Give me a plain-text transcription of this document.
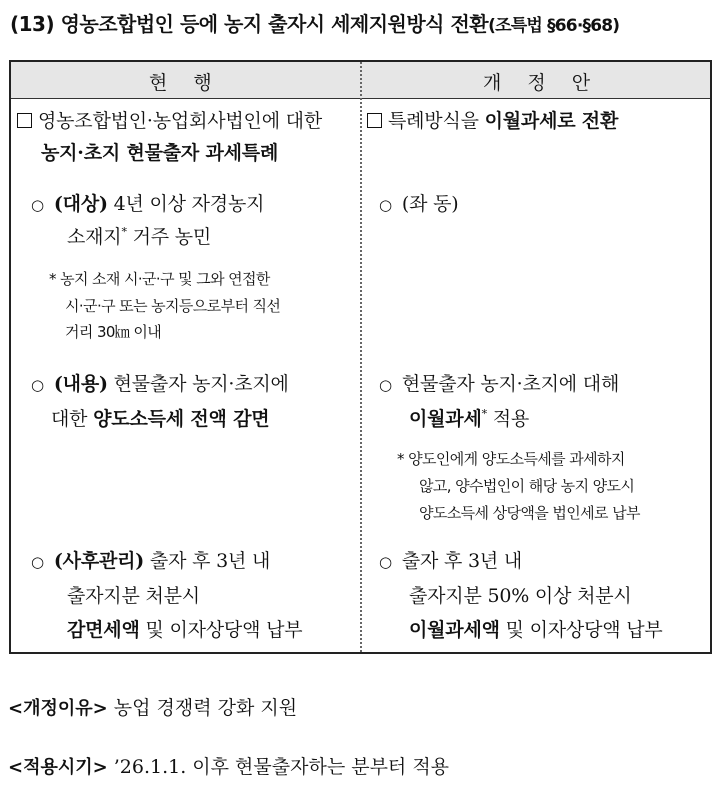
(13) 영농조합법인 등에 농지 출자시 세제지원방식 전환(조특법 §66·§68)
현 행	개 정 안
영농조합법인·농업회사법인에 대한
농지·초지 현물출자 과세특례
○ (대상) 4년 이상 자경농지
소재지* 거주 농민
* 농지 소재 시·군·구 및 그와 연접한
시·군·구 또는 농지등으로부터 직선
거리 30㎞ 이내
○ (내용) 현물출자 농지·초지에
대한 양도소득세 전액 감면
○ (사후관리) 출자 후 3년 내
출자지분 처분시
감면세액 및 이자상당액 납부
특례방식을 이월과세로 전환
○ (좌 동)
○ 현물출자 농지·초지에 대해
이월과세* 적용
* 양도인에게 양도소득세를 과세하지
않고, 양수법인이 해당 농지 양도시
양도소득세 상당액을 법인세로 납부
○ 출자 후 3년 내
출자지분 50% 이상 처분시
이월과세액 및 이자상당액 납부
<개정이유> 농업 경쟁력 강화 지원
<적용시기> ’26.1.1. 이후 현물출자하는 분부터 적용
